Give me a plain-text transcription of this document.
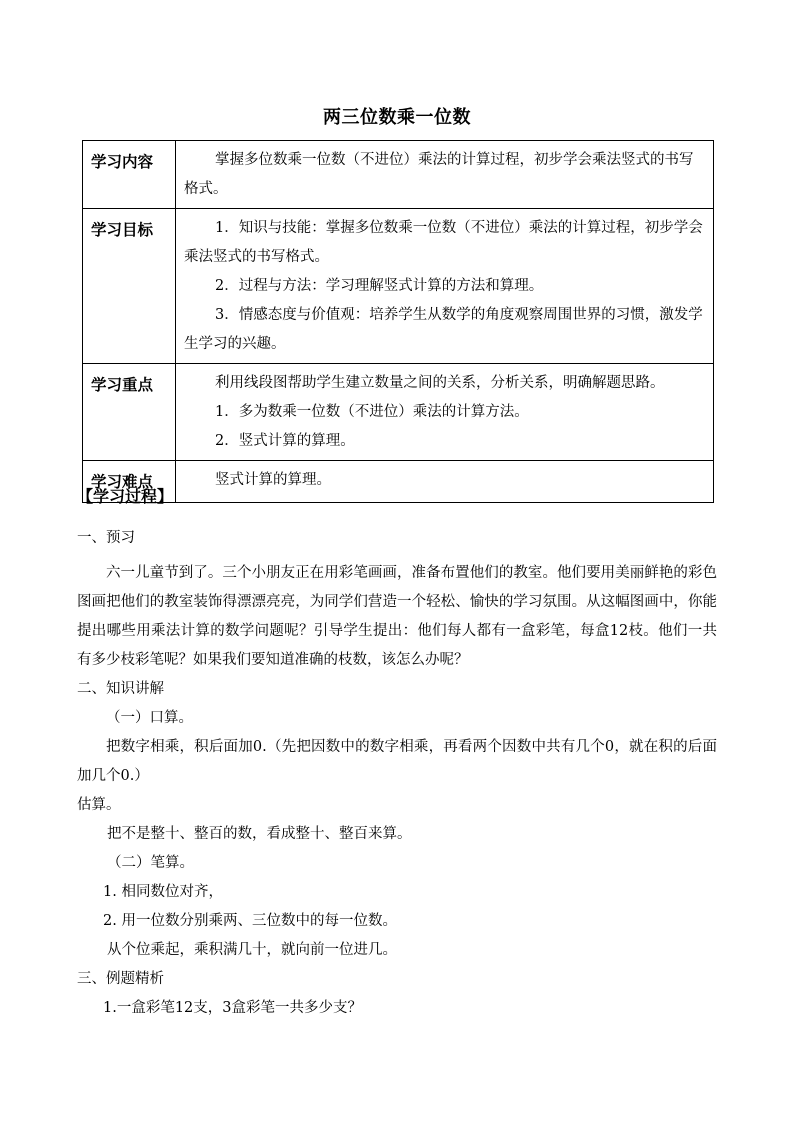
两三位数乘一位数
学习内容	掌握多位数乘一位数（不进位）乘法的计算过程，初步学会乘法竖式的书写格式。

学习目标	1．知识与技能：掌握多位数乘一位数（不进位）乘法的计算过程，初步学会乘法竖式的书写格式。

2．过程与方法：学习理解竖式计算的方法和算理。

3．情感态度与价值观：培养学生从数学的角度观察周围世界的习惯，激发学生学习的兴趣。

学习重点	利用线段图帮助学生建立数量之间的关系，分析关系，明确解题思路。

1．多为数乘一位数（不进位）乘法的计算方法。

2．竖式计算的算理。

学习难点	竖式计算的算理。

【学习过程】

一、预习

六一儿童节到了。三个小朋友正在用彩笔画画，准备布置他们的教室。他们要用美丽鲜艳的彩色图画把他们的教室装饰得漂漂亮亮，为同学们营造一个轻松、愉快的学习氛围。从这幅图画中，你能提出哪些用乘法计算的数学问题呢？引导学生提出：他们每人都有一盒彩笔，每盒12枝。他们一共有多少枝彩笔呢？如果我们要知道准确的枝数，该怎么办呢？

二、知识讲解

（一）口算。

把数字相乘，积后面加0.（先把因数中的数字相乘，再看两个因数中共有几个0，就在积的后面加几个0.）

估算。

把不是整十、整百的数，看成整十、整百来算。

（二）笔算。

1. 相同数位对齐，

2. 用一位数分别乘两、三位数中的每一位数。

从个位乘起，乘积满几十，就向前一位进几。

三、例题精析

1.一盒彩笔12支，3盒彩笔一共多少支？
